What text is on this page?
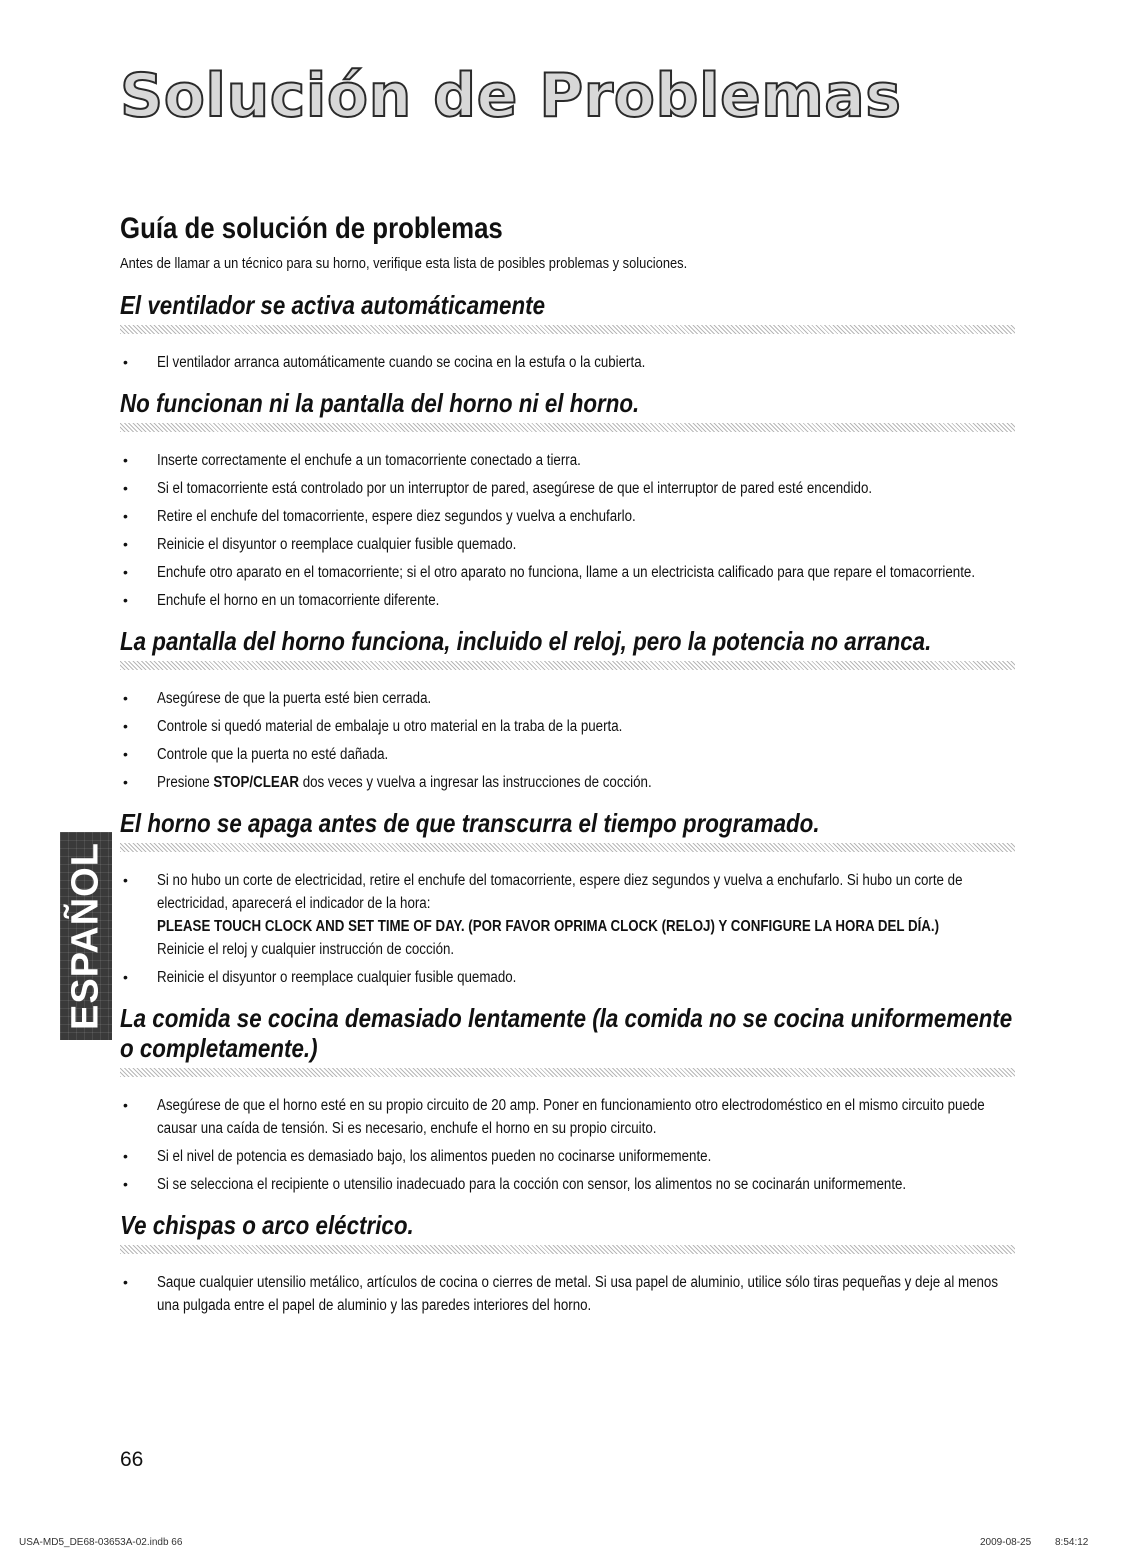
Solución de Problemas
Guía de solución de problemas

Antes de llamar a un técnico para su horno, verifique esta lista de posibles problemas y soluciones.

El ventilador se activa automáticamente
• El ventilador arranca automáticamente cuando se cocina en la estufa o la cubierta.
No funcionan ni la pantalla del horno ni el horno.
• Inserte correctamente el enchufe a un tomacorriente conectado a tierra.
• Si el tomacorriente está controlado por un interruptor de pared, asegúrese de que el interruptor de pared esté encendido.
• Retire el enchufe del tomacorriente, espere diez segundos y vuelva a enchufarlo.
• Reinicie el disyuntor o reemplace cualquier fusible quemado.
• Enchufe otro aparato en el tomacorriente; si el otro aparato no funciona, llame a un electricista calificado para que repare el tomacorriente.
• Enchufe el horno en un tomacorriente diferente.
La pantalla del horno funciona, incluido el reloj, pero la potencia no arranca.
• Asegúrese de que la puerta esté bien cerrada.
• Controle si quedó material de embalaje u otro material en la traba de la puerta.
• Controle que la puerta no esté dañada.
• Presione STOP/CLEAR dos veces y vuelva a ingresar las instrucciones de cocción.
El horno se apaga antes de que transcurra el tiempo programado.
• Si no hubo un corte de electricidad, retire el enchufe del tomacorriente, espere diez segundos y vuelva a enchufarlo. Si hubo un corte de electricidad, aparecerá el indicador de la hora:
PLEASE TOUCH CLOCK AND SET TIME OF DAY. (POR FAVOR OPRIMA CLOCK (RELOJ) Y CONFIGURE LA HORA DEL DÍA.)
Reinicie el reloj y cualquier instrucción de cocción.
• Reinicie el disyuntor o reemplace cualquier fusible quemado.
La comida se cocina demasiado lentamente (la comida no se cocina uniformemente o completamente.)
• Asegúrese de que el horno esté en su propio circuito de 20 amp. Poner en funcionamiento otro electrodoméstico en el mismo circuito puede causar una caída de tensión. Si es necesario, enchufe el horno en su propio circuito.
• Si el nivel de potencia es demasiado bajo, los alimentos pueden no cocinarse uniformemente.
• Si se selecciona el recipiente o utensilio inadecuado para la cocción con sensor, los alimentos no se cocinarán uniformemente.
Ve chispas o arco eléctrico.
• Saque cualquier utensilio metálico, artículos de cocina o cierres de metal. Si usa papel de aluminio, utilice sólo tiras pequeñas y deje al menos una pulgada entre el papel de aluminio y las paredes interiores del horno.
ESPAÑOL

66

USA-MD5_DE68-03653A-02.indb 66	2009-08-25 8:54:12
